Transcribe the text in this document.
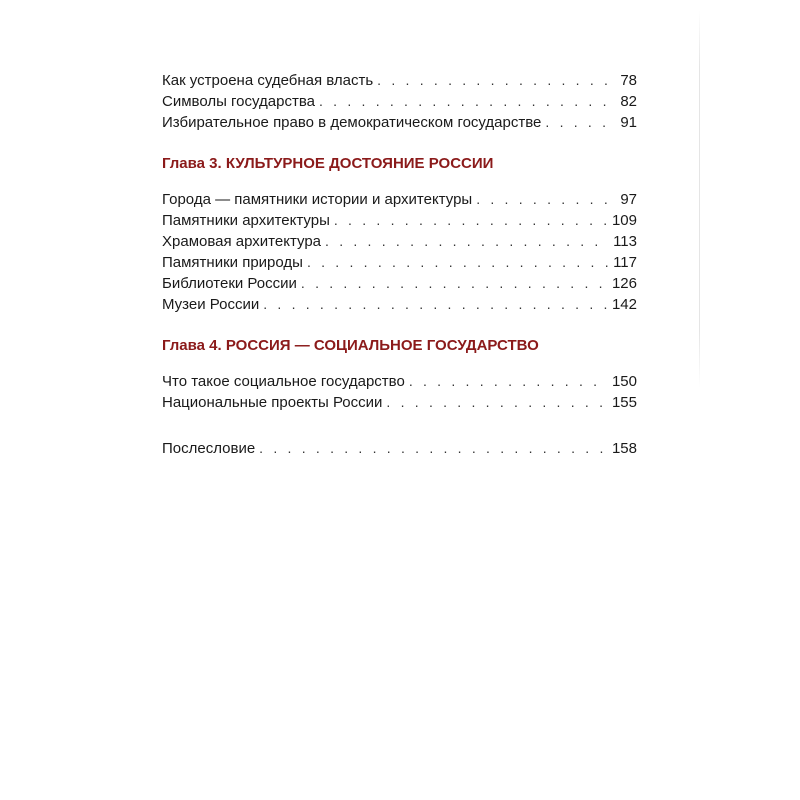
Как устроена судебная власть . . .	78
Символы государства . . .	82
Избирательное право в демократическом государстве . . .	91
Глава 3. КУЛЬТУРНОЕ ДОСТОЯНИЕ РОССИИ
Города — памятники истории и архитектуры . . .	97
Памятники архитектуры . . .	109
Храмовая архитектура . . .	113
Памятники природы . . .	117
Библиотеки России . . .	126
Музеи России . . .	142
Глава 4. РОССИЯ — СОЦИАЛЬНОЕ ГОСУДАРСТВО
Что такое социальное государство . . .	150
Национальные проекты России . . .	155
Послесловие . . .	158
